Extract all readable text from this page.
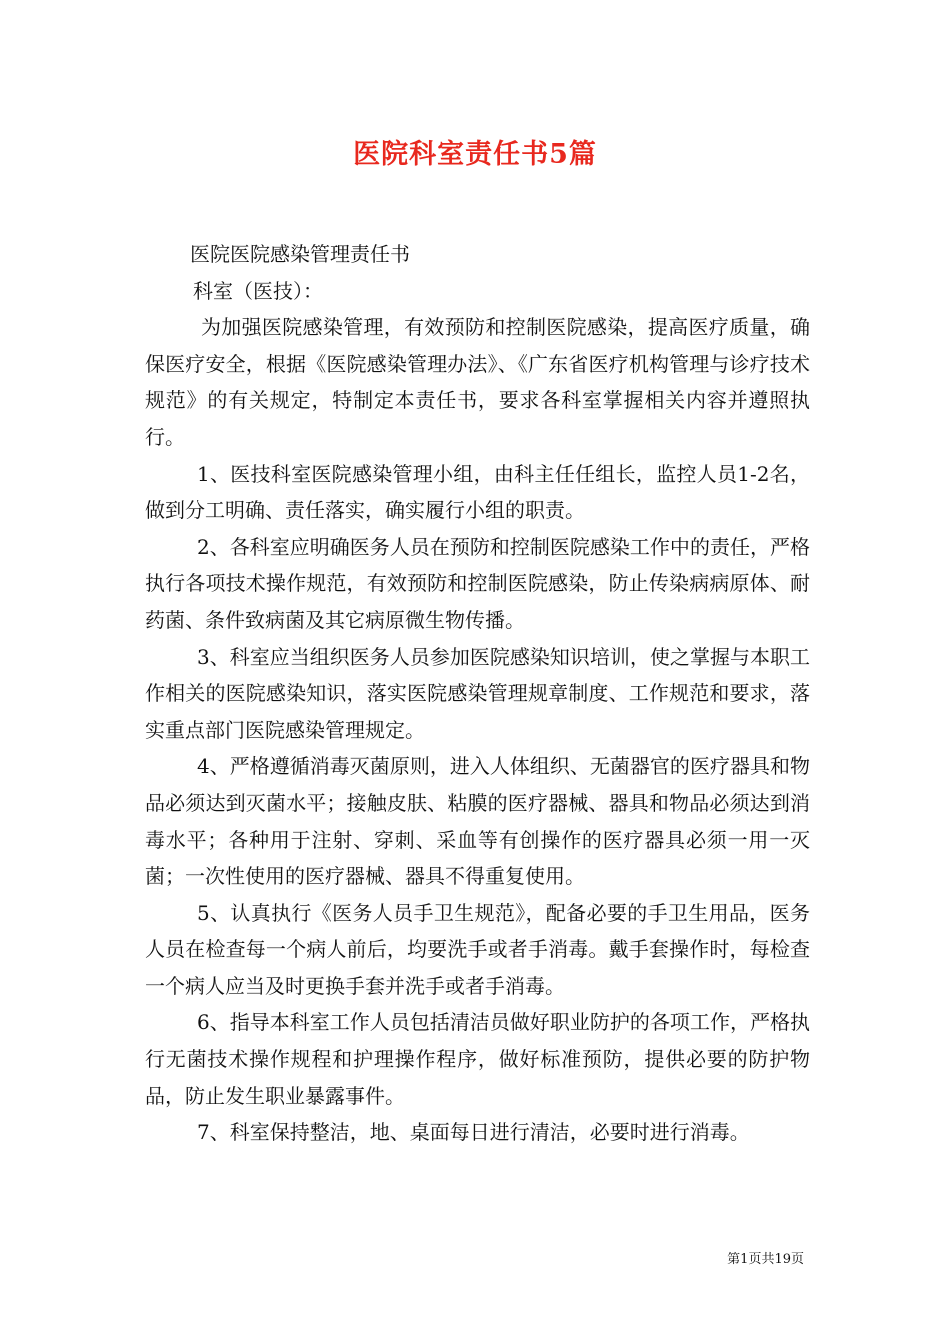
医院科室责任书5篇

医院医院感染管理责任书

科室（医技）：

为加强医院感染管理，有效预防和控制医院感染，提高医疗质量，确保医疗安全，根据《医院感染管理办法》、《广东省医疗机构管理与诊疗技术规范》的有关规定，特制定本责任书，要求各科室掌握相关内容并遵照执行。

1、医技科室医院感染管理小组，由科主任任组长，监控人员1-2名，做到分工明确、责任落实，确实履行小组的职责。

2、各科室应明确医务人员在预防和控制医院感染工作中的责任，严格执行各项技术操作规范，有效预防和控制医院感染，防止传染病病原体、耐药菌、条件致病菌及其它病原微生物传播。

3、科室应当组织医务人员参加医院感染知识培训，使之掌握与本职工作相关的医院感染知识，落实医院感染管理规章制度、工作规范和要求，落实重点部门医院感染管理规定。

4、严格遵循消毒灭菌原则，进入人体组织、无菌器官的医疗器具和物品必须达到灭菌水平；接触皮肤、粘膜的医疗器械、器具和物品必须达到消毒水平；各种用于注射、穿刺、采血等有创操作的医疗器具必须一用一灭菌；一次性使用的医疗器械、器具不得重复使用。

5、认真执行《医务人员手卫生规范》，配备必要的手卫生用品，医务人员在检查每一个病人前后，均要洗手或者手消毒。戴手套操作时，每检查一个病人应当及时更换手套并洗手或者手消毒。

6、指导本科室工作人员包括清洁员做好职业防护的各项工作，严格执行无菌技术操作规程和护理操作程序，做好标准预防，提供必要的防护物品，防止发生职业暴露事件。

7、科室保持整洁，地、桌面每日进行清洁，必要时进行消毒。

第1页共19页
